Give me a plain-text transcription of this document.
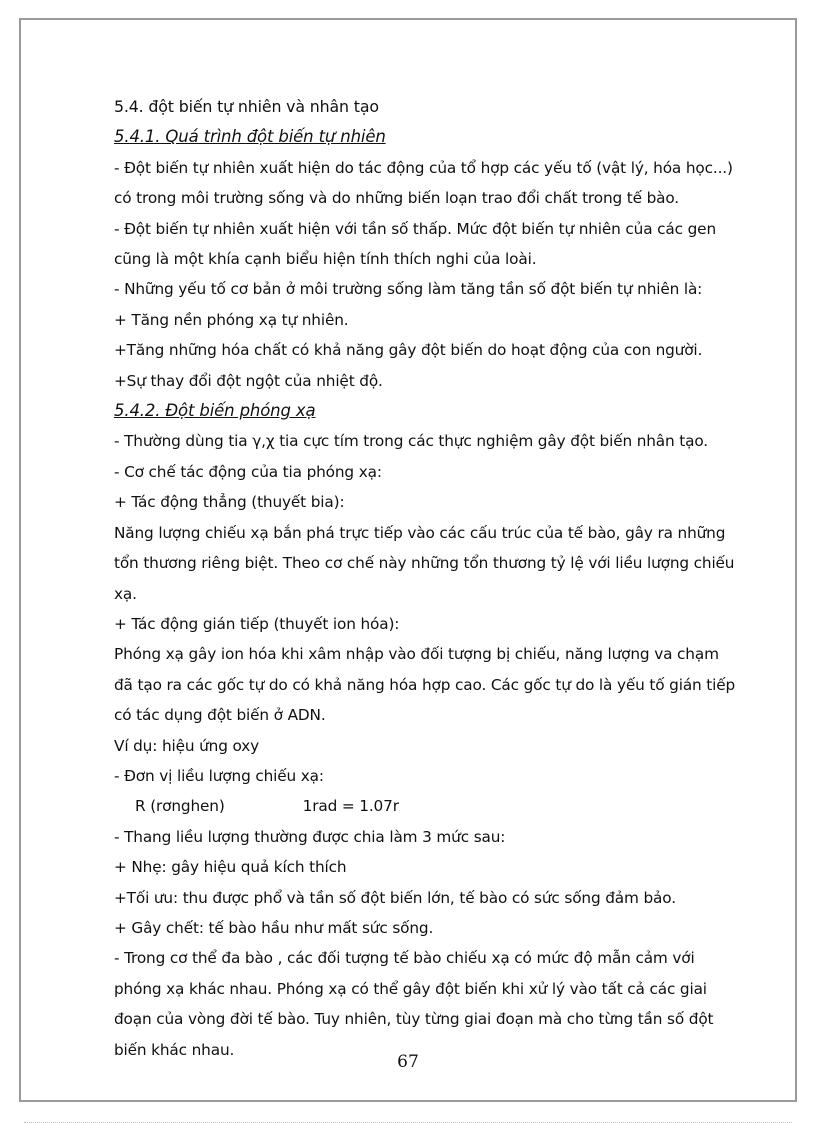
5.4. đột biến tự nhiên và nhân tạo

5.4.1. Quá trình đột biến tự nhiên

- Đột biến tự nhiên xuất hiện do tác động của tổ hợp các yếu tố (vật lý, hóa học...) có trong môi trường sống và do những biến loạn trao đổi chất trong tế bào.

- Đột biến tự nhiên xuất hiện với tần số thấp. Mức đột biến tự nhiên của các gen cũng là một khía cạnh biểu hiện tính thích nghi của loài.

- Những yếu tố cơ bản ở môi trường sống làm tăng tần số đột biến tự nhiên là:

+ Tăng nền phóng xạ tự nhiên.

+Tăng những hóa chất có khả năng gây đột biến do hoạt động của con người.

+Sự thay đổi đột ngột của nhiệt độ.

5.4.2. Đột biến phóng xạ

- Thường dùng tia γ,χ tia cực tím trong các thực nghiệm gây đột biến nhân tạo.

- Cơ chế tác động của tia phóng xạ:

+ Tác động thẳng (thuyết bia):

Năng lượng chiếu xạ bắn phá trực tiếp vào các cấu trúc của tế bào, gây ra những tổn thương riêng biệt. Theo cơ chế này những tổn thương tỷ lệ với liều lượng chiếu xạ.

+ Tác động gián tiếp (thuyết ion hóa):

Phóng xạ gây ion hóa khi xâm nhập vào đối tượng bị chiếu, năng lượng va chạm đã tạo ra các gốc tự do có khả năng hóa hợp cao. Các gốc tự do là yếu tố gián tiếp có tác dụng đột biến ở ADN.

Ví dụ: hiệu ứng oxy

- Đơn vị liều lượng chiếu xạ:

R (rơnghen)	1rad = 1.07r

- Thang liều lượng thường được chia làm 3 mức sau:

+ Nhẹ: gây hiệu quả kích thích

+Tối ưu: thu được phổ và tần số đột biến lớn, tế bào có sức sống đảm bảo.

+ Gây chết: tế bào hầu như mất sức sống.

- Trong cơ thể đa bào , các đối tượng tế bào chiếu xạ có mức độ mẫn cảm với phóng xạ khác nhau. Phóng xạ có thể gây đột biến khi xử lý vào tất cả các giai đoạn của vòng đời tế bào. Tuy nhiên, tùy từng giai đoạn mà cho từng tần số đột biến khác nhau.

67
